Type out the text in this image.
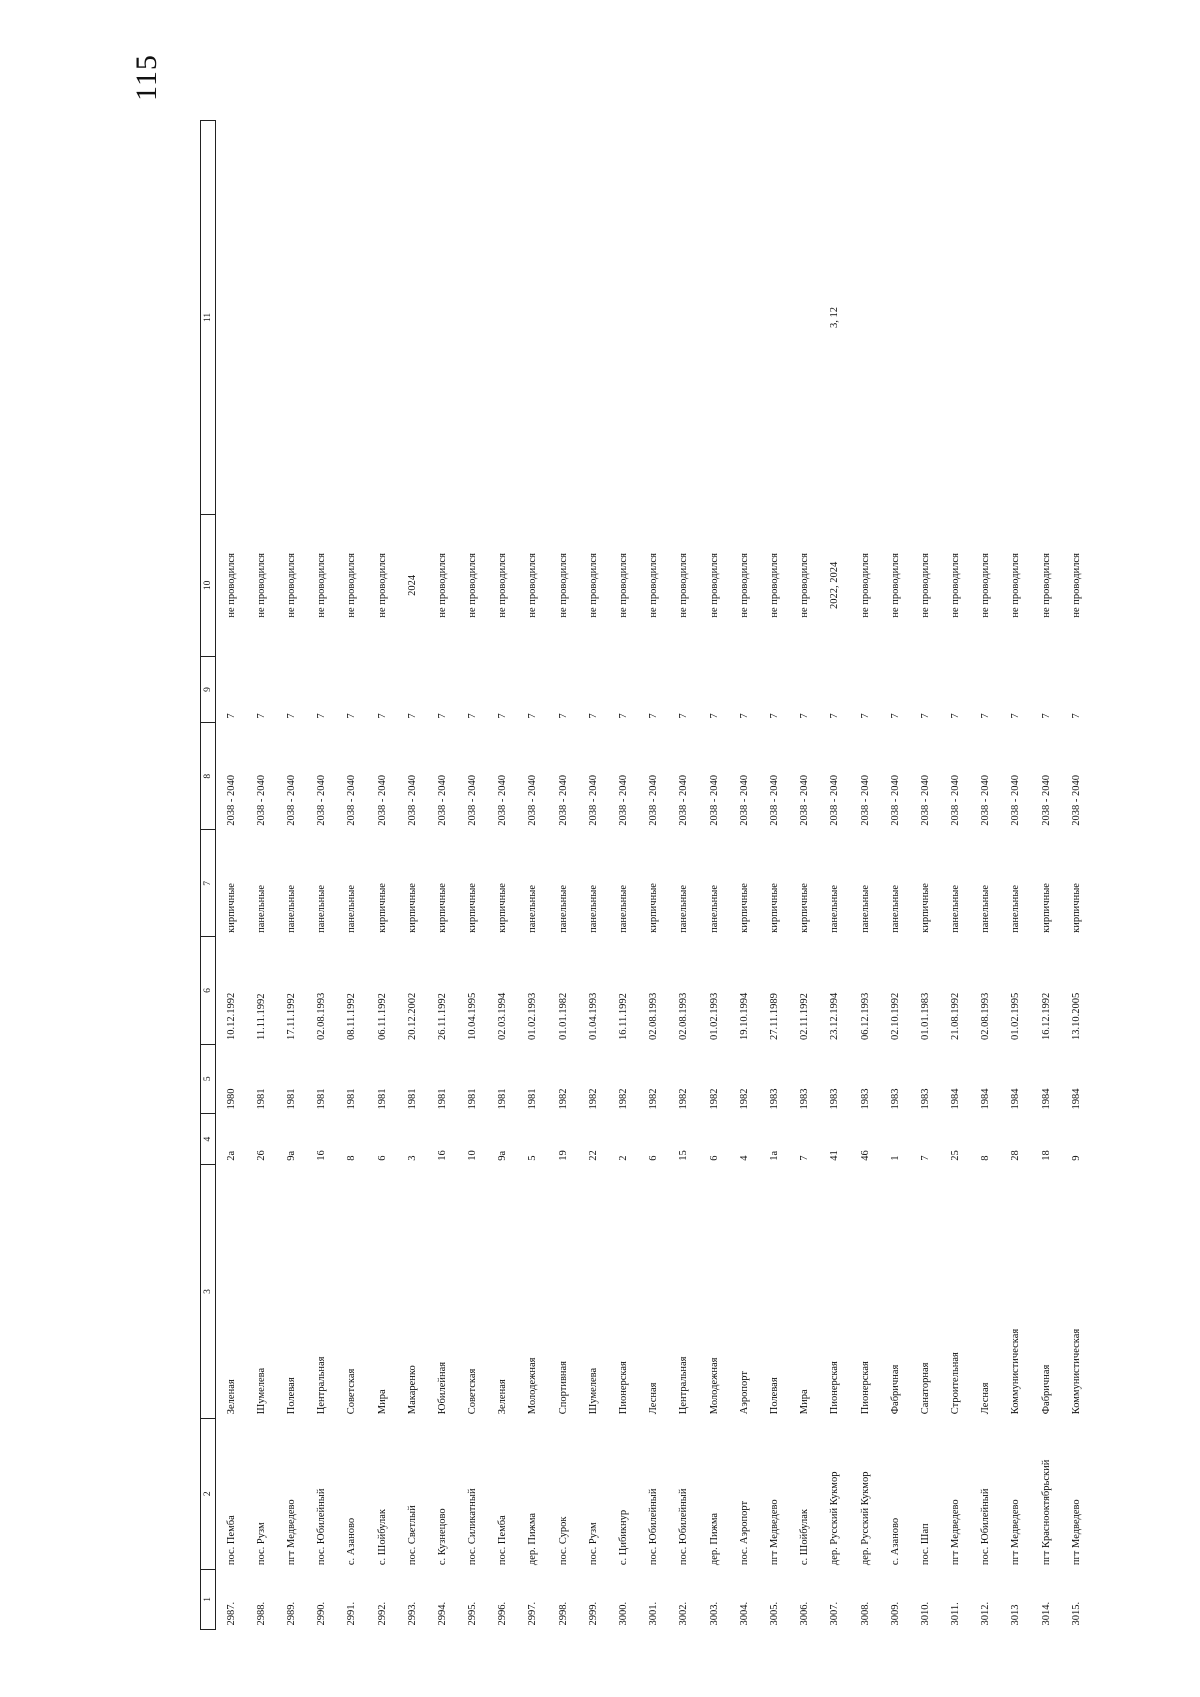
115
1	2	3	4	5	6	7	8	9	10	11
2987.	пос. Пемба	Зеленая	2а	1980	10.12.1992	кирпичные	2038 - 2040	7	не проводился	
2988.	пос. Рузм	Шумелева	26	1981	11.11.1992	панельные	2038 - 2040	7	не проводился	
2989.	пгт Медведево	Полевая	9а	1981	17.11.1992	панельные	2038 - 2040	7	не проводился	
2990.	пос. Юбилейный	Центральная	16	1981	02.08.1993	панельные	2038 - 2040	7	не проводился	
2991.	с. Азаново	Советская	8	1981	08.11.1992	панельные	2038 - 2040	7	не проводился	
2992.	с. Шойбулак	Мира	6	1981	06.11.1992	кирпичные	2038 - 2040	7	не проводился	
2993.	пос. Светлый	Макаренко	3	1981	20.12.2002	кирпичные	2038 - 2040	7	2024	
2994.	с. Кузнецово	Юбилейная	16	1981	26.11.1992	кирпичные	2038 - 2040	7	не проводился	
2995.	пос. Силикатный	Советская	10	1981	10.04.1995	кирпичные	2038 - 2040	7	не проводился	
2996.	пос. Пемба	Зеленая	9а	1981	02.03.1994	кирпичные	2038 - 2040	7	не проводился	
2997.	дер. Пижма	Молодежная	5	1981	01.02.1993	панельные	2038 - 2040	7	не проводился	
2998.	пос. Сурок	Спортивная	19	1982	01.01.1982	панельные	2038 - 2040	7	не проводился	
2999.	пос. Рузм	Шумелева	22	1982	01.04.1993	панельные	2038 - 2040	7	не проводился	
3000.	с. Цибикнур	Пионерская	2	1982	16.11.1992	панельные	2038 - 2040	7	не проводился	
3001.	пос. Юбилейный	Лесная	6	1982	02.08.1993	кирпичные	2038 - 2040	7	не проводился	
3002.	пос. Юбилейный	Центральная	15	1982	02.08.1993	панельные	2038 - 2040	7	не проводился	
3003.	дер. Пижма	Молодежная	6	1982	01.02.1993	панельные	2038 - 2040	7	не проводился	
3004.	пос. Аэропорт	Аэропорт	4	1982	19.10.1994	кирпичные	2038 - 2040	7	не проводился	
3005.	пгт Медведево	Полевая	1а	1983	27.11.1989	кирпичные	2038 - 2040	7	не проводился	
3006.	с. Шойбулак	Мира	7	1983	02.11.1992	кирпичные	2038 - 2040	7	не проводился	
3007.	дер. Русский Кукмор	Пионерская	41	1983	23.12.1994	панельные	2038 - 2040	7	2022, 2024	3, 12
3008.	дер. Русский Кукмор	Пионерская	46	1983	06.12.1993	панельные	2038 - 2040	7	не проводился	
3009.	с. Азаново	Фабричная	1	1983	02.10.1992	панельные	2038 - 2040	7	не проводился	
3010.	пос. Шап	Санаторная	7	1983	01.01.1983	кирпичные	2038 - 2040	7	не проводился	
3011.	пгт Медведево	Строительная	25	1984	21.08.1992	панельные	2038 - 2040	7	не проводился	
3012.	пос. Юбилейный	Лесная	8	1984	02.08.1993	панельные	2038 - 2040	7	не проводился	
3013	пгт Медведево	Коммунистическая	28	1984	01.02.1995	панельные	2038 - 2040	7	не проводился	
3014.	пгт Краснооктябрьский	Фабричная	18	1984	16.12.1992	кирпичные	2038 - 2040	7	не проводился	
3015.	пгт Медведево	Коммунистическая	9	1984	13.10.2005	кирпичные	2038 - 2040	7	не проводился	
